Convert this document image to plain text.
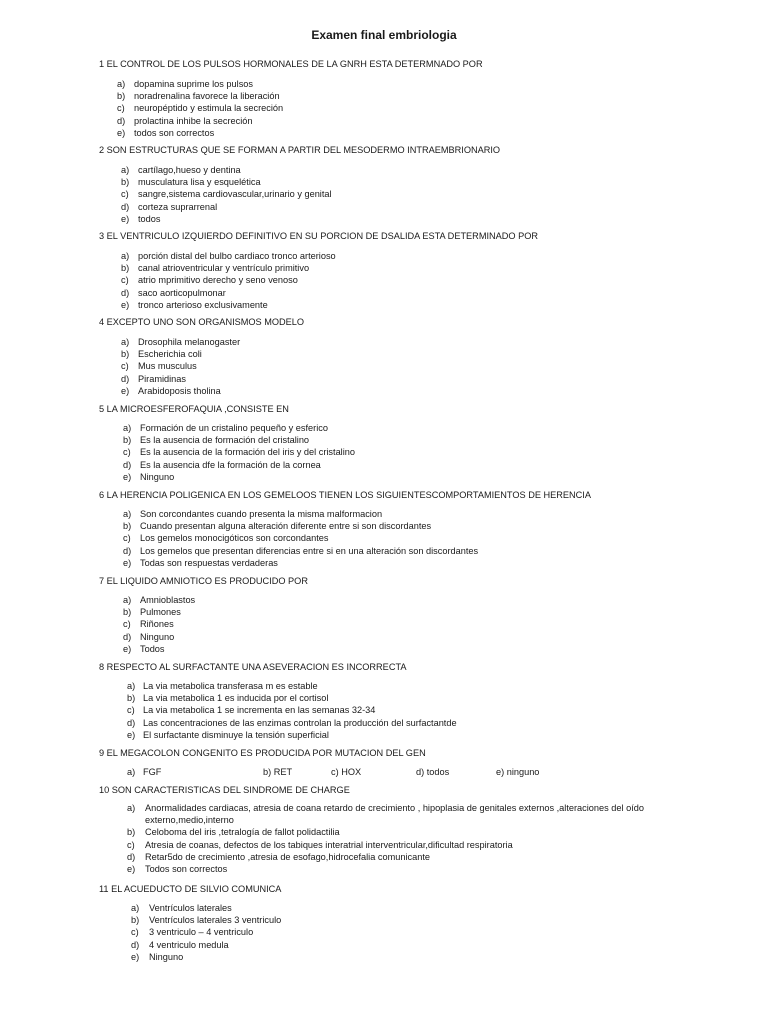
Examen final embriologia
1 EL CONTROL DE LOS PULSOS HORMONALES DE LA GNRH ESTA DETERMNADO POR
a) dopamina suprime los pulsos
b) noradrenalina favorece la liberación
c) neuropéptido y estimula la secreción
d) prolactina inhibe la secreción
e) todos son correctos
2 SON ESTRUCTURAS QUE SE FORMAN A PARTIR DEL MESODERMO INTRAEMBRIONARIO
a) cartílago,hueso y dentina
b) musculatura lisa y esquelética
c) sangre,sistema cardiovascular,urinario y genital
d) corteza suprarrenal
e) todos
3 EL VENTRICULO IZQUIERDO DEFINITIVO EN SU PORCION DE DSALIDA ESTA DETERMINADO POR
a) porción distal del bulbo cardiaco tronco arterioso
b) canal atrioventricular y ventrículo primitivo
c) atrio mprimitivo derecho y seno venoso
d) saco aorticopulmonar
e) tronco arterioso exclusivamente
4 EXCEPTO UNO SON ORGANISMOS MODELO
a) Drosophila melanogaster
b) Escherichia coli
c) Mus musculus
d) Piramidinas
e) Arabidoposis tholina
5 LA MICROESFEROFAQUIA ,CONSISTE EN
a) Formación de un cristalino pequeño y esferico
b) Es la ausencia de formación del cristalino
c) Es la ausencia de la formación del iris y del cristalino
d) Es la ausencia dfe la formación de la cornea
e) Ninguno
6 LA HERENCIA POLIGENICA EN LOS GEMELOOS TIENEN LOS SIGUIENTESCOMPORTAMIENTOS DE HERENCIA
a) Son corcondantes cuando presenta la misma malformacion
b) Cuando presentan alguna alteración diferente entre si son discordantes
c) Los gemelos monocigóticos son corcondantes
d) Los gemelos que presentan diferencias entre si en una alteración son discordantes
e) Todas son respuestas verdaderas
7 EL LIQUIDO AMNIOTICO ES PRODUCIDO POR
a) Amnioblastos
b) Pulmones
c) Riñones
d) Ninguno
e) Todos
8 RESPECTO AL SURFACTANTE UNA ASEVERACION ES INCORRECTA
a) La via metabolica transferasa m es estable
b) La via metabolica 1 es inducida por el cortisol
c) La via metabolica 1 se incrementa en las semanas 32-34
d) Las concentraciones de las enzimas controlan la producción del surfactantde
e) El surfactante disminuye la tensión superficial
9 EL MEGACOLON CONGENITO ES PRODUCIDA POR MUTACION DEL GEN
a) FGF	b) RET	c) HOX	d) todos	e) ninguno
10 SON CARACTERISTICAS DEL SINDROME DE CHARGE
a) Anormalidades cardiacas, atresia de coana retardo de crecimiento , hipoplasia de genitales externos ,alteraciones del oído
externo,medio,interno
b) Celoboma del iris ,tetralogía de fallot polidactilia
c) Atresia de coanas, defectos de los tabiques interatrial interventricular,dificultad respiratoria
d) Retar5do de crecimiento ,atresia de esofago,hidrocefalia comunicante
e) Todos son correctos
11 EL ACUEDUCTO DE SILVIO COMUNICA
a) Ventrículos laterales
b) Ventrículos laterales 3 ventriculo
c) 3 ventriculo – 4 ventriculo
d) 4 ventriculo medula
e) Ninguno
